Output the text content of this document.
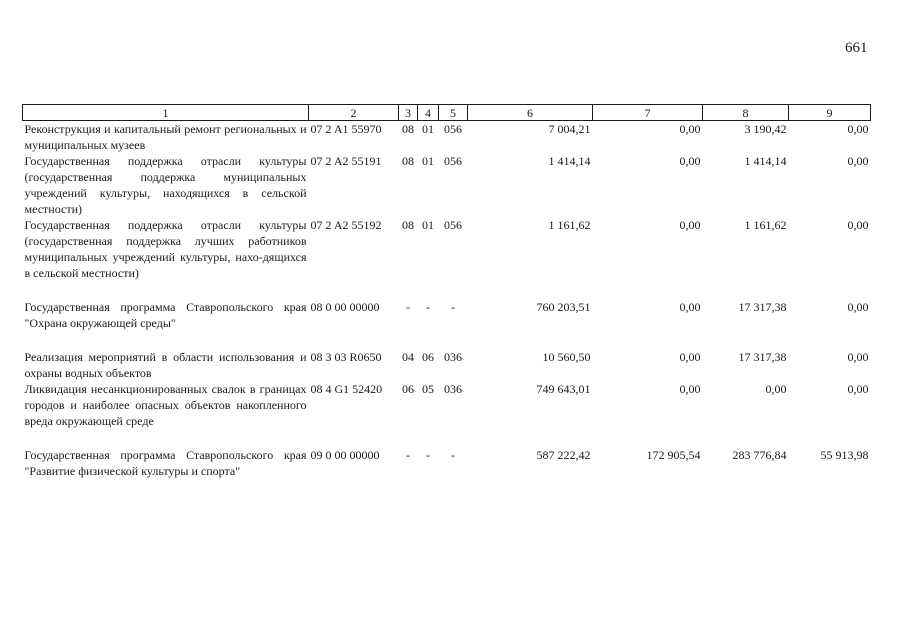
661
1	2	3	4	5	6	7	8	9
Реконструкция и капитальный ремонт региональных и муниципальных музеев	07 2 A1 55970	08	01	056	7 004,21	0,00	3 190,42	0,00
Государственная поддержка отрасли культуры (государственная поддержка муниципальных учреждений культуры, находящихся в сельской местности)	07 2 A2 55191	08	01	056	1 414,14	0,00	1 414,14	0,00
Государственная поддержка отрасли культуры (государственная поддержка лучших работников муниципальных учреждений культуры, нахо-дящихся в сельской местности)	07 2 A2 55192	08	01	056	1 161,62	0,00	1 161,62	0,00

Государственная программа Ставропольского края "Охрана окружающей среды"	08 0 00 00000	-	-	-	760 203,51	0,00	17 317,38	0,00

Реализация мероприятий в области использования и охраны водных объектов	08 3 03 R0650	04	06	036	10 560,50	0,00	17 317,38	0,00
Ликвидация несанкционированных свалок в границах городов и наиболее опасных объектов накопленного вреда окружающей среде	08 4 G1 52420	06	05	036	749 643,01	0,00	0,00	0,00

Государственная программа Ставропольского края "Развитие физической культуры и спорта"	09 0 00 00000	-	-	-	587 222,42	172 905,54	283 776,84	55 913,98
